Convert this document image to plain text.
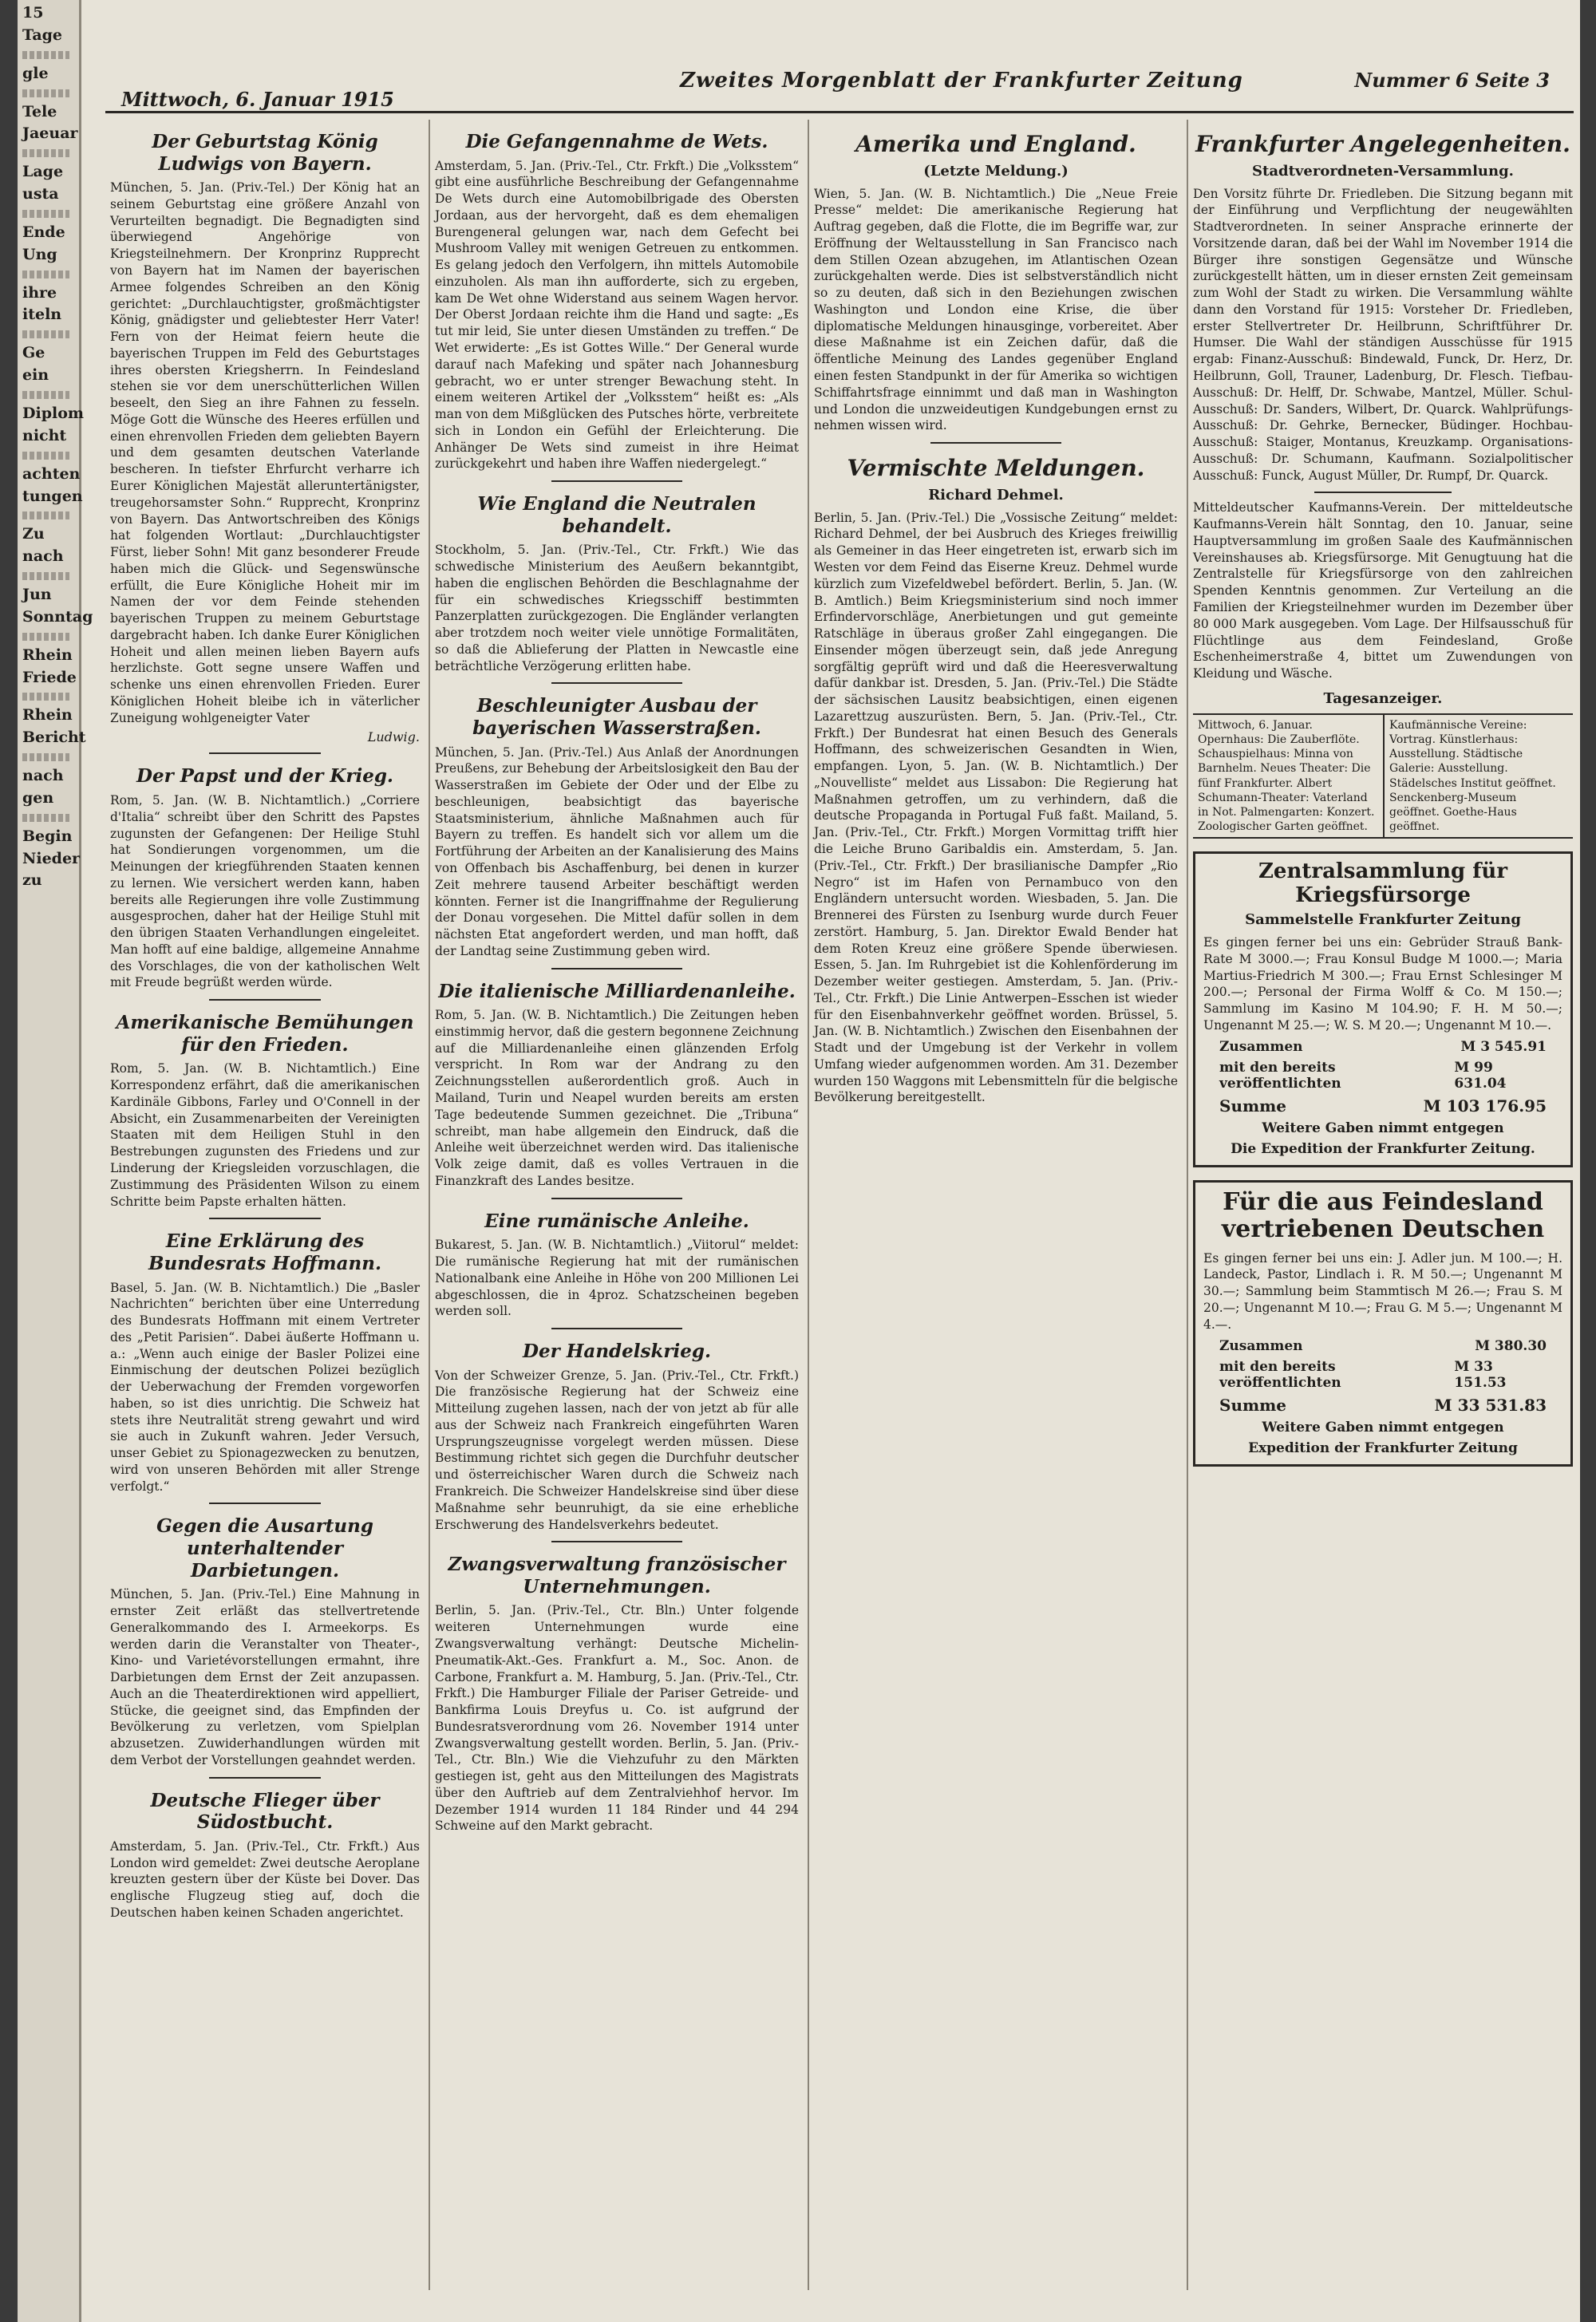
15
Tage
gle
Tele
Jaeuar
Lage
usta
Ende
Ung
ihre
iteln
Ge
ein
Diplom
nicht
achten
tungen
Zu
nach
Jun
Sonntag
Rhein
Friede
Rhein
Bericht
nach
gen
Begin
Nieder
zu
Mittwoch, 6. Januar 1915
Zweites Morgenblatt der Frankfurter Zeitung	Nummer 6 Seite 3
Der Geburtstag König Ludwigs von Bayern.
München, 5. Jan. (Priv.-Tel.) Der König hat an seinem Geburtstag eine größere Anzahl von Verurteilten begnadigt. Die Begnadigten sind überwiegend Angehörige von Kriegsteilnehmern. Der Kronprinz Rupprecht von Bayern hat im Namen der bayerischen Armee folgendes Schreiben an den König gerichtet: „Durchlauchtigster, großmächtigster König, gnädigster und geliebtester Herr Vater! Fern von der Heimat feiern heute die bayerischen Truppen im Feld des Geburtstages ihres obersten Kriegsherrn. In Feindesland stehen sie vor dem unerschütterlichen Willen beseelt, den Sieg an ihre Fahnen zu fesseln. Möge Gott die Wünsche des Heeres erfüllen und einen ehrenvollen Frieden dem geliebten Bayern und dem gesamten deutschen Vaterlande bescheren. In tiefster Ehrfurcht verharre ich Eurer Königlichen Majestät alleruntertänigster, treugehorsamster Sohn.“ Rupprecht, Kronprinz von Bayern. Das Antwortschreiben des Königs hat folgenden Wortlaut: „Durchlauchtigster Fürst, lieber Sohn! Mit ganz besonderer Freude haben mich die Glück- und Segenswünsche erfüllt, die Eure Königliche Hoheit mir im Namen der vor dem Feinde stehenden bayerischen Truppen zu meinem Geburtstage dargebracht haben. Ich danke Eurer Königlichen Hoheit und allen meinen lieben Bayern aufs herzlichste. Gott segne unsere Waffen und schenke uns einen ehrenvollen Frieden. Eurer Königlichen Hoheit bleibe ich in väterlicher Zuneigung wohlgeneigter Vater
Ludwig.
Der Papst und der Krieg.
Rom, 5. Jan. (W. B. Nichtamtlich.) „Corriere d'Italia“ schreibt über den Schritt des Papstes zugunsten der Gefangenen: Der Heilige Stuhl hat Sondierungen vorgenommen, um die Meinungen der kriegführenden Staaten kennen zu lernen. Wie versichert werden kann, haben bereits alle Regierungen ihre volle Zustimmung ausgesprochen, daher hat der Heilige Stuhl mit den übrigen Staaten Verhandlungen eingeleitet. Man hofft auf eine baldige, allgemeine Annahme des Vorschlages, die von der katholischen Welt mit Freude begrüßt werden würde.
Amerikanische Bemühungen für den Frieden.
Rom, 5. Jan. (W. B. Nichtamtlich.) Eine Korrespondenz erfährt, daß die amerikanischen Kardinäle Gibbons, Farley und O'Connell in der Absicht, ein Zusammenarbeiten der Vereinigten Staaten mit dem Heiligen Stuhl in den Bestrebungen zugunsten des Friedens und zur Linderung der Kriegsleiden vorzuschlagen, die Zustimmung des Präsidenten Wilson zu einem Schritte beim Papste erhalten hätten.
Eine Erklärung des Bundesrats Hoffmann.
Basel, 5. Jan. (W. B. Nichtamtlich.) Die „Basler Nachrichten“ berichten über eine Unterredung des Bundesrats Hoffmann mit einem Vertreter des „Petit Parisien“. Dabei äußerte Hoffmann u. a.: „Wenn auch einige der Basler Polizei eine Einmischung der deutschen Polizei bezüglich der Ueberwachung der Fremden vorgeworfen haben, so ist dies unrichtig. Die Schweiz hat stets ihre Neutralität streng gewahrt und wird sie auch in Zukunft wahren. Jeder Versuch, unser Gebiet zu Spionagezwecken zu benutzen, wird von unseren Behörden mit aller Strenge verfolgt.“
Gegen die Ausartung unterhaltender Darbietungen.
München, 5. Jan. (Priv.-Tel.) Eine Mahnung in ernster Zeit erläßt das stellvertretende Generalkommando des I. Armeekorps. Es werden darin die Veranstalter von Theater-, Kino- und Varietévorstellungen ermahnt, ihre Darbietungen dem Ernst der Zeit anzupassen. Auch an die Theaterdirektionen wird appelliert, Stücke, die geeignet sind, das Empfinden der Bevölkerung zu verletzen, vom Spielplan abzusetzen. Zuwiderhandlungen würden mit dem Verbot der Vorstellungen geahndet werden.
Deutsche Flieger über Südostbucht.
Amsterdam, 5. Jan. (Priv.-Tel., Ctr. Frkft.) Aus London wird gemeldet: Zwei deutsche Aeroplane kreuzten gestern über der Küste bei Dover. Das englische Flugzeug stieg auf, doch die Deutschen haben keinen Schaden angerichtet.
Die Gefangennahme de Wets.
Amsterdam, 5. Jan. (Priv.-Tel., Ctr. Frkft.) Die „Volksstem“ gibt eine ausführliche Beschreibung der Gefangennahme De Wets durch eine Automobilbrigade des Obersten Jordaan, aus der hervorgeht, daß es dem ehemaligen Burengeneral gelungen war, nach dem Gefecht bei Mushroom Valley mit wenigen Getreuen zu entkommen. Es gelang jedoch den Verfolgern, ihn mittels Automobile einzuholen. Als man ihn aufforderte, sich zu ergeben, kam De Wet ohne Widerstand aus seinem Wagen hervor. Der Oberst Jordaan reichte ihm die Hand und sagte: „Es tut mir leid, Sie unter diesen Umständen zu treffen.“ De Wet erwiderte: „Es ist Gottes Wille.“ Der General wurde darauf nach Mafeking und später nach Johannesburg gebracht, wo er unter strenger Bewachung steht. In einem weiteren Artikel der „Volksstem“ heißt es: „Als man von dem Mißglücken des Putsches hörte, verbreitete sich in London ein Gefühl der Erleichterung. Die Anhänger De Wets sind zumeist in ihre Heimat zurückgekehrt und haben ihre Waffen niedergelegt.“
Wie England die Neutralen behandelt.
Stockholm, 5. Jan. (Priv.-Tel., Ctr. Frkft.) Wie das schwedische Ministerium des Aeußern bekanntgibt, haben die englischen Behörden die Beschlagnahme der für ein schwedisches Kriegsschiff bestimmten Panzerplatten zurückgezogen. Die Engländer verlangten aber trotzdem noch weiter viele unnötige Formalitäten, so daß die Ablieferung der Platten in Newcastle eine beträchtliche Verzögerung erlitten habe.
Beschleunigter Ausbau der bayerischen Wasserstraßen.
München, 5. Jan. (Priv.-Tel.) Aus Anlaß der Anordnungen Preußens, zur Behebung der Arbeitslosigkeit den Bau der Wasserstraßen im Gebiete der Oder und der Elbe zu beschleunigen, beabsichtigt das bayerische Staatsministerium, ähnliche Maßnahmen auch für Bayern zu treffen. Es handelt sich vor allem um die Fortführung der Arbeiten an der Kanalisierung des Mains von Offenbach bis Aschaffenburg, bei denen in kurzer Zeit mehrere tausend Arbeiter beschäftigt werden könnten. Ferner ist die Inangriffnahme der Regulierung der Donau vorgesehen. Die Mittel dafür sollen in dem nächsten Etat angefordert werden, und man hofft, daß der Landtag seine Zustimmung geben wird.
Die italienische Milliardenanleihe.
Rom, 5. Jan. (W. B. Nichtamtlich.) Die Zeitungen heben einstimmig hervor, daß die gestern begonnene Zeichnung auf die Milliardenanleihe einen glänzenden Erfolg verspricht. In Rom war der Andrang zu den Zeichnungsstellen außerordentlich groß. Auch in Mailand, Turin und Neapel wurden bereits am ersten Tage bedeutende Summen gezeichnet. Die „Tribuna“ schreibt, man habe allgemein den Eindruck, daß die Anleihe weit überzeichnet werden wird. Das italienische Volk zeige damit, daß es volles Vertrauen in die Finanzkraft des Landes besitze.
Eine rumänische Anleihe.
Bukarest, 5. Jan. (W. B. Nichtamtlich.) „Viitorul“ meldet: Die rumänische Regierung hat mit der rumänischen Nationalbank eine Anleihe in Höhe von 200 Millionen Lei abgeschlossen, die in 4proz. Schatzscheinen begeben werden soll.
Der Handelskrieg.
Von der Schweizer Grenze, 5. Jan. (Priv.-Tel., Ctr. Frkft.) Die französische Regierung hat der Schweiz eine Mitteilung zugehen lassen, nach der von jetzt ab für alle aus der Schweiz nach Frankreich eingeführten Waren Ursprungszeugnisse vorgelegt werden müssen. Diese Bestimmung richtet sich gegen die Durchfuhr deutscher und österreichischer Waren durch die Schweiz nach Frankreich. Die Schweizer Handelskreise sind über diese Maßnahme sehr beunruhigt, da sie eine erhebliche Erschwerung des Handelsverkehrs bedeutet.
Zwangsverwaltung französischer Unternehmungen.
Berlin, 5. Jan. (Priv.-Tel., Ctr. Bln.) Unter folgende weiteren Unternehmungen wurde eine Zwangsverwaltung verhängt: Deutsche Michelin-Pneumatik-Akt.-Ges. Frankfurt a. M., Soc. Anon. de Carbone, Frankfurt a. M. Hamburg, 5. Jan. (Priv.-Tel., Ctr. Frkft.) Die Hamburger Filiale der Pariser Getreide- und Bankfirma Louis Dreyfus u. Co. ist aufgrund der Bundesratsverordnung vom 26. November 1914 unter Zwangsverwaltung gestellt worden. Berlin, 5. Jan. (Priv.-Tel., Ctr. Bln.) Wie die Viehzufuhr zu den Märkten gestiegen ist, geht aus den Mitteilungen des Magistrats über den Auftrieb auf dem Zentralviehhof hervor. Im Dezember 1914 wurden 11 184 Rinder und 44 294 Schweine auf den Markt gebracht.
Amerika und England.
(Letzte Meldung.)
Wien, 5. Jan. (W. B. Nichtamtlich.) Die „Neue Freie Presse“ meldet: Die amerikanische Regierung hat Auftrag gegeben, daß die Flotte, die im Begriffe war, zur Eröffnung der Weltausstellung in San Francisco nach dem Stillen Ozean abzugehen, im Atlantischen Ozean zurückgehalten werde. Dies ist selbstverständlich nicht so zu deuten, daß sich in den Beziehungen zwischen Washington und London eine Krise, die über diplomatische Meldungen hinausginge, vorbereitet. Aber diese Maßnahme ist ein Zeichen dafür, daß die öffentliche Meinung des Landes gegenüber England einen festen Standpunkt in der für Amerika so wichtigen Schiffahrtsfrage einnimmt und daß man in Washington und London die unzweideutigen Kundgebungen ernst zu nehmen wissen wird.
Vermischte Meldungen.
Richard Dehmel.
Berlin, 5. Jan. (Priv.-Tel.) Die „Vossische Zeitung“ meldet: Richard Dehmel, der bei Ausbruch des Krieges freiwillig als Gemeiner in das Heer eingetreten ist, erwarb sich im Westen vor dem Feind das Eiserne Kreuz. Dehmel wurde kürzlich zum Vizefeldwebel befördert. Berlin, 5. Jan. (W. B. Amtlich.) Beim Kriegsministerium sind noch immer Erfindervorschläge, Anerbietungen und gut gemeinte Ratschläge in überaus großer Zahl eingegangen. Die Einsender mögen überzeugt sein, daß jede Anregung sorgfältig geprüft wird und daß die Heeresverwaltung dafür dankbar ist. Dresden, 5. Jan. (Priv.-Tel.) Die Städte der sächsischen Lausitz beabsichtigen, einen eigenen Lazarettzug auszurüsten. Bern, 5. Jan. (Priv.-Tel., Ctr. Frkft.) Der Bundesrat hat einen Besuch des Generals Hoffmann, des schweizerischen Gesandten in Wien, empfangen. Lyon, 5. Jan. (W. B. Nichtamtlich.) Der „Nouvelliste“ meldet aus Lissabon: Die Regierung hat Maßnahmen getroffen, um zu verhindern, daß die deutsche Propaganda in Portugal Fuß faßt. Mailand, 5. Jan. (Priv.-Tel., Ctr. Frkft.) Morgen Vormittag trifft hier die Leiche Bruno Garibaldis ein. Amsterdam, 5. Jan. (Priv.-Tel., Ctr. Frkft.) Der brasilianische Dampfer „Rio Negro“ ist im Hafen von Pernambuco von den Engländern untersucht worden. Wiesbaden, 5. Jan. Die Brennerei des Fürsten zu Isenburg wurde durch Feuer zerstört. Hamburg, 5. Jan. Direktor Ewald Bender hat dem Roten Kreuz eine größere Spende überwiesen. Essen, 5. Jan. Im Ruhrgebiet ist die Kohlenförderung im Dezember weiter gestiegen. Amsterdam, 5. Jan. (Priv.-Tel., Ctr. Frkft.) Die Linie Antwerpen–Esschen ist wieder für den Eisenbahnverkehr geöffnet worden. Brüssel, 5. Jan. (W. B. Nichtamtlich.) Zwischen den Eisenbahnen der Stadt und der Umgebung ist der Verkehr in vollem Umfang wieder aufgenommen worden. Am 31. Dezember wurden 150 Waggons mit Lebensmitteln für die belgische Bevölkerung bereitgestellt.
Frankfurter Angelegenheiten.
Stadtverordneten-Versammlung.
Den Vorsitz führte Dr. Friedleben. Die Sitzung begann mit der Einführung und Verpflichtung der neugewählten Stadtverordneten. In seiner Ansprache erinnerte der Vorsitzende daran, daß bei der Wahl im November 1914 die Bürger ihre sonstigen Gegensätze und Wünsche zurückgestellt hätten, um in dieser ernsten Zeit gemeinsam zum Wohl der Stadt zu wirken. Die Versammlung wählte dann den Vorstand für 1915: Vorsteher Dr. Friedleben, erster Stellvertreter Dr. Heilbrunn, Schriftführer Dr. Humser. Die Wahl der ständigen Ausschüsse für 1915 ergab: Finanz-Ausschuß: Bindewald, Funck, Dr. Herz, Dr. Heilbrunn, Goll, Trauner, Ladenburg, Dr. Flesch. Tiefbau-Ausschuß: Dr. Helff, Dr. Schwabe, Mantzel, Müller. Schul-Ausschuß: Dr. Sanders, Wilbert, Dr. Quarck. Wahlprüfungs-Ausschuß: Dr. Gehrke, Bernecker, Büdinger. Hochbau-Ausschuß: Staiger, Montanus, Kreuzkamp. Organisations-Ausschuß: Dr. Schumann, Kaufmann. Sozialpolitischer Ausschuß: Funck, August Müller, Dr. Rumpf, Dr. Quarck.
Mitteldeutscher Kaufmanns-Verein. Der mitteldeutsche Kaufmanns-Verein hält Sonntag, den 10. Januar, seine Hauptversammlung im großen Saale des Kaufmännischen Vereinshauses ab. Kriegsfürsorge. Mit Genugtuung hat die Zentralstelle für Kriegsfürsorge von den zahlreichen Spenden Kenntnis genommen. Zur Verteilung an die Familien der Kriegsteilnehmer wurden im Dezember über 80 000 Mark ausgegeben. Vom Lage. Der Hilfsausschuß für Flüchtlinge aus dem Feindesland, Große Eschenheimerstraße 4, bittet um Zuwendungen von Kleidung und Wäsche.
Tagesanzeiger.
Mittwoch, 6. Januar. Opernhaus: Die Zauberflöte. Schauspielhaus: Minna von Barnhelm. Neues Theater: Die fünf Frankfurter. Albert Schumann-Theater: Vaterland in Not. Palmengarten: Konzert. Zoologischer Garten geöffnet.
Kaufmännische Vereine: Vortrag. Künstlerhaus: Ausstellung. Städtische Galerie: Ausstellung. Städelsches Institut geöffnet. Senckenberg-Museum geöffnet. Goethe-Haus geöffnet.
Zentralsammlung für Kriegsfürsorge
Sammelstelle Frankfurter Zeitung
Es gingen ferner bei uns ein: Gebrüder Strauß Bank-Rate M 3000.—; Frau Konsul Budge M 1000.—; Maria Martius-Friedrich M 300.—; Frau Ernst Schlesinger M 200.—; Personal der Firma Wolff & Co. M 150.—; Sammlung im Kasino M 104.90; F. H. M 50.—; Ungenannt M 25.—; W. S. M 20.—; Ungenannt M 10.—.
Zusammen	M 3 545.91
mit den bereits veröffentlichten
M 99 631.04
Summe	M 103 176.95
Weitere Gaben nimmt entgegen
Die Expedition der Frankfurter Zeitung.
Für die aus Feindesland vertriebenen Deutschen
Es gingen ferner bei uns ein: J. Adler jun. M 100.—; H. Landeck, Pastor, Lindlach i. R. M 50.—; Ungenannt M 30.—; Sammlung beim Stammtisch M 26.—; Frau S. M 20.—; Ungenannt M 10.—; Frau G. M 5.—; Ungenannt M 4.—.
Zusammen	M 380.30
mit den bereits veröffentlichten
M 33 151.53
Summe	M 33 531.83
Weitere Gaben nimmt entgegen
Expedition der Frankfurter Zeitung
